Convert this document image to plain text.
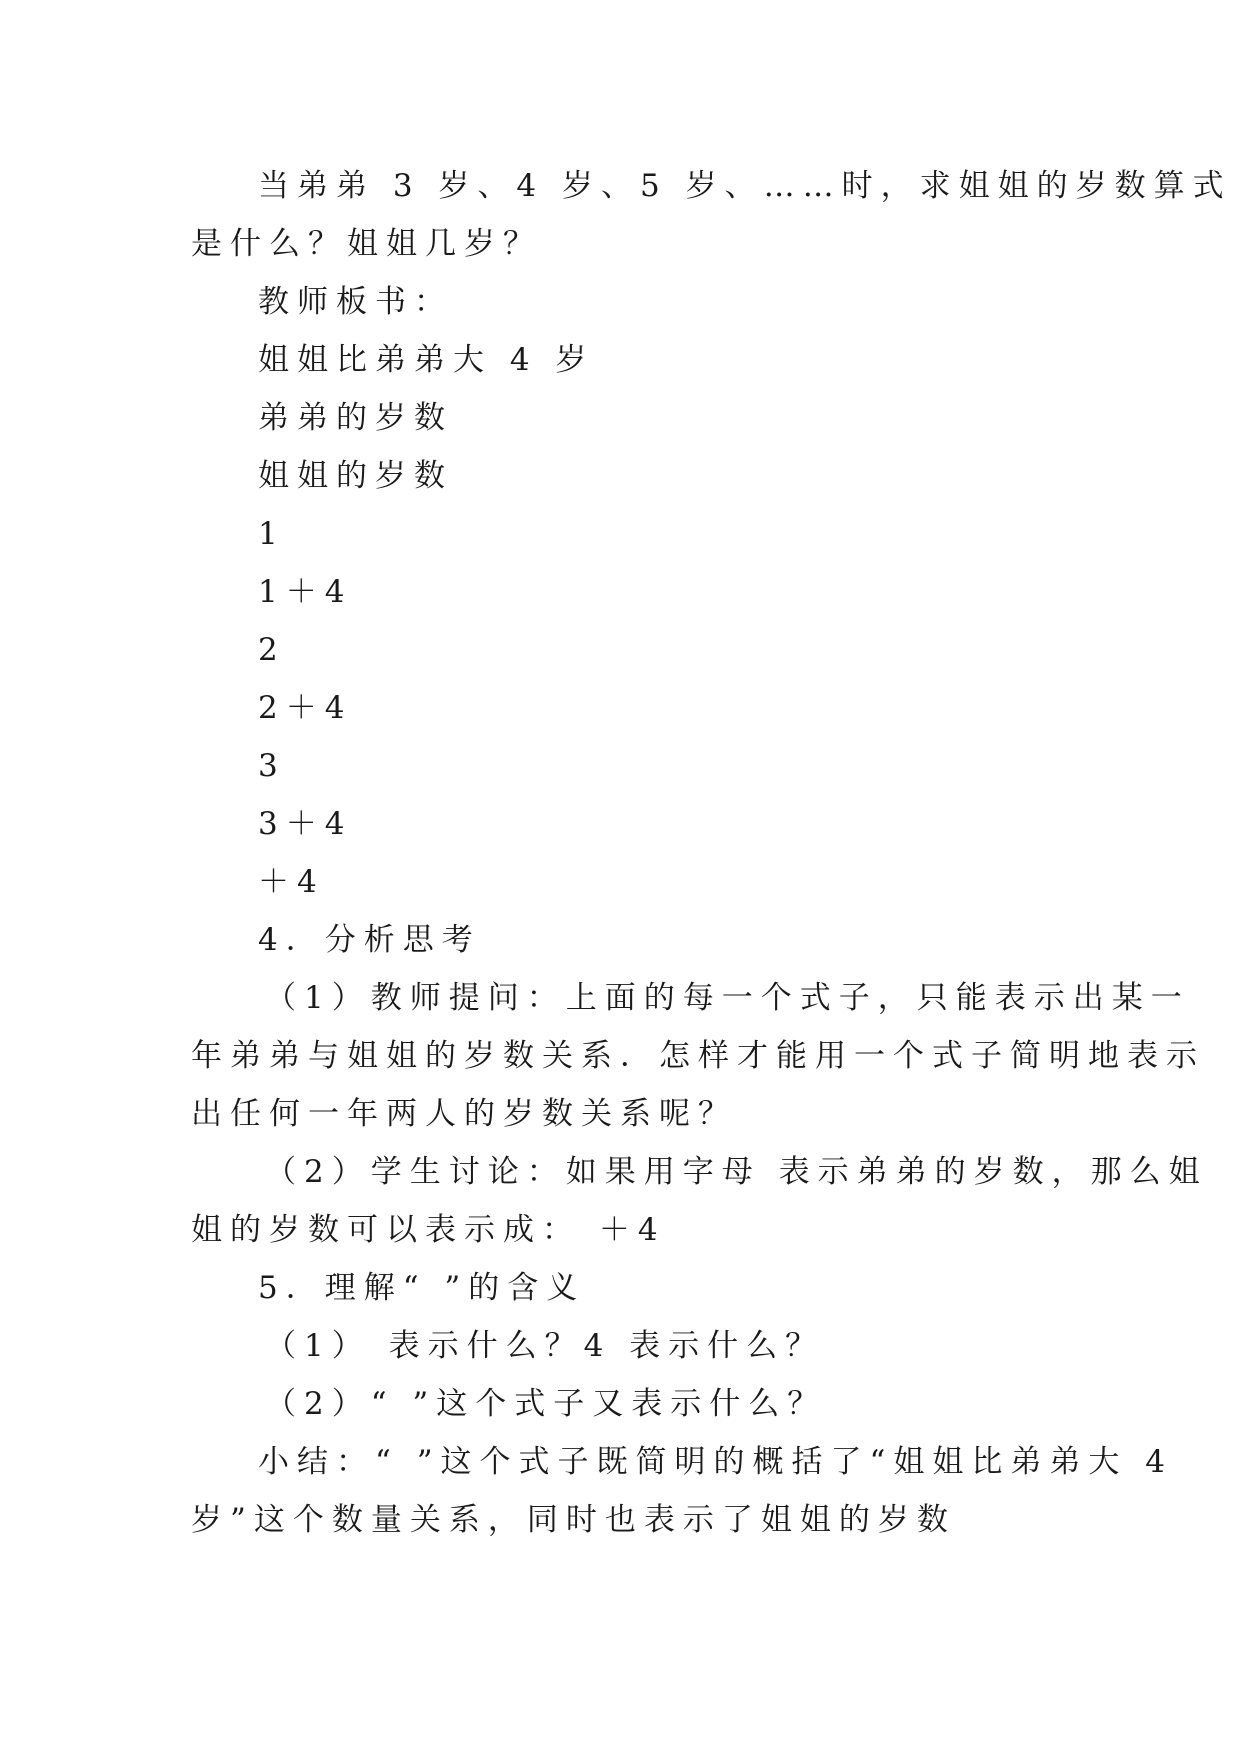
当弟弟 3 岁、4 岁、5 岁、……时，求姐姐的岁数算式
是什么？姐姐几岁？
教师板书：
姐姐比弟弟大 4 岁
弟弟的岁数
姐姐的岁数
1
1＋4
2
2＋4
3
3＋4
＋4
4．分析思考
（1）教师提问：上面的每一个式子，只能表示出某一
年弟弟与姐姐的岁数关系．怎样才能用一个式子简明地表示
出任何一年两人的岁数关系呢？
（2）学生讨论：如果用字母 表示弟弟的岁数，那么姐
姐的岁数可以表示成： ＋4
5．理解“ ”的含义
（1） 表示什么？4 表示什么？
（2）“ ”这个式子又表示什么？
小结：“ ”这个式子既简明的概括了“姐姐比弟弟大 4
岁”这个数量关系，同时也表示了姐姐的岁数
